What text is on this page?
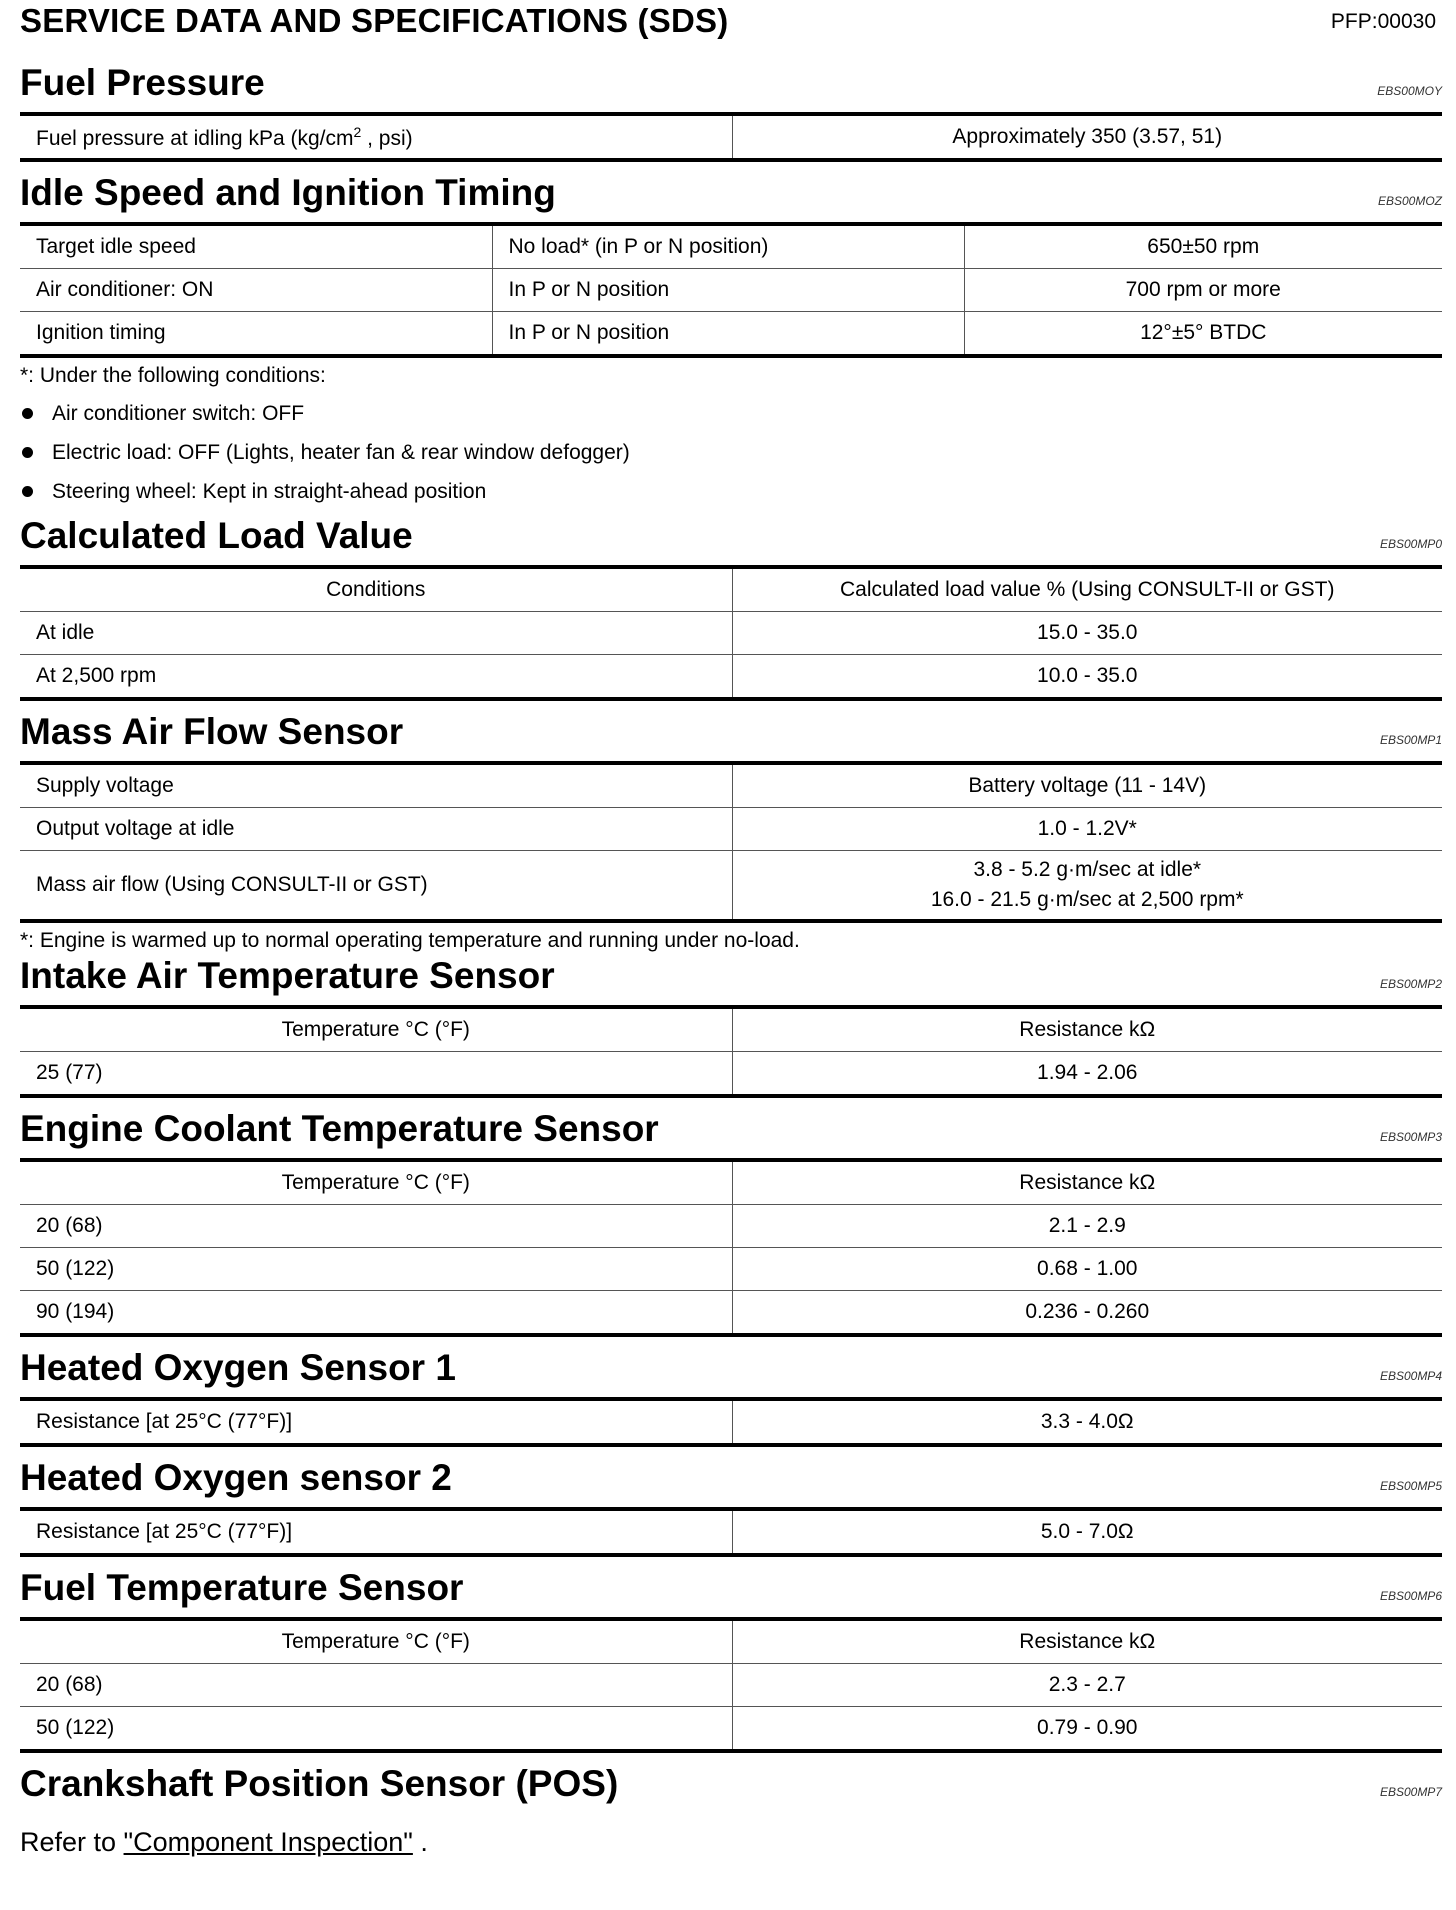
SERVICE DATA AND SPECIFICATIONS (SDS)	PFP:00030
Fuel Pressure	EBS00MOY
Fuel pressure at idling kPa ($kg/cm^2$ , psi)	Approximately 350 (3.57, 51)
Idle Speed and Ignition Timing	EBS00MOZ
Target idle speed	No load* (in P or N position)	650±50 rpm
Air conditioner: ON	In P or N position	700 rpm or more
Ignition timing	In P or N position	12°±5° BTDC
*: Under the following conditions:
Air conditioner switch: OFF
Electric load: OFF (Lights, heater fan & rear window defogger)
Steering wheel: Kept in straight-ahead position
Calculated Load Value	EBS00MP0
Conditions	Calculated load value % (Using CONSULT-II or GST)
At idle	15.0 - 35.0
At 2,500 rpm	10.0 - 35.0
Mass Air Flow Sensor	EBS00MP1
Supply voltage	Battery voltage (11 - 14V)
Output voltage at idle	1.0 - 1.2V*
Mass air flow (Using CONSULT-II or GST)	3.8 - 5.2 g·m/sec at idle*
16.0 - 21.5 g·m/sec at 2,500 rpm*
*: Engine is warmed up to normal operating temperature and running under no-load.
Intake Air Temperature Sensor	EBS00MP2
Temperature °C (°F)	Resistance kΩ
25 (77)	1.94 - 2.06
Engine Coolant Temperature Sensor	EBS00MP3
Temperature °C (°F)	Resistance kΩ
20 (68)	2.1 - 2.9
50 (122)	0.68 - 1.00
90 (194)	0.236 - 0.260
Heated Oxygen Sensor 1	EBS00MP4
Resistance [at 25°C (77°F)]	3.3 - 4.0Ω
Heated Oxygen sensor 2	EBS00MP5
Resistance [at 25°C (77°F)]	5.0 - 7.0Ω
Fuel Temperature Sensor	EBS00MP6
Temperature °C (°F)	Resistance kΩ
20 (68)	2.3 - 2.7
50 (122)	0.79 - 0.90
Crankshaft Position Sensor (POS)	EBS00MP7
Refer to "Component Inspection" .
